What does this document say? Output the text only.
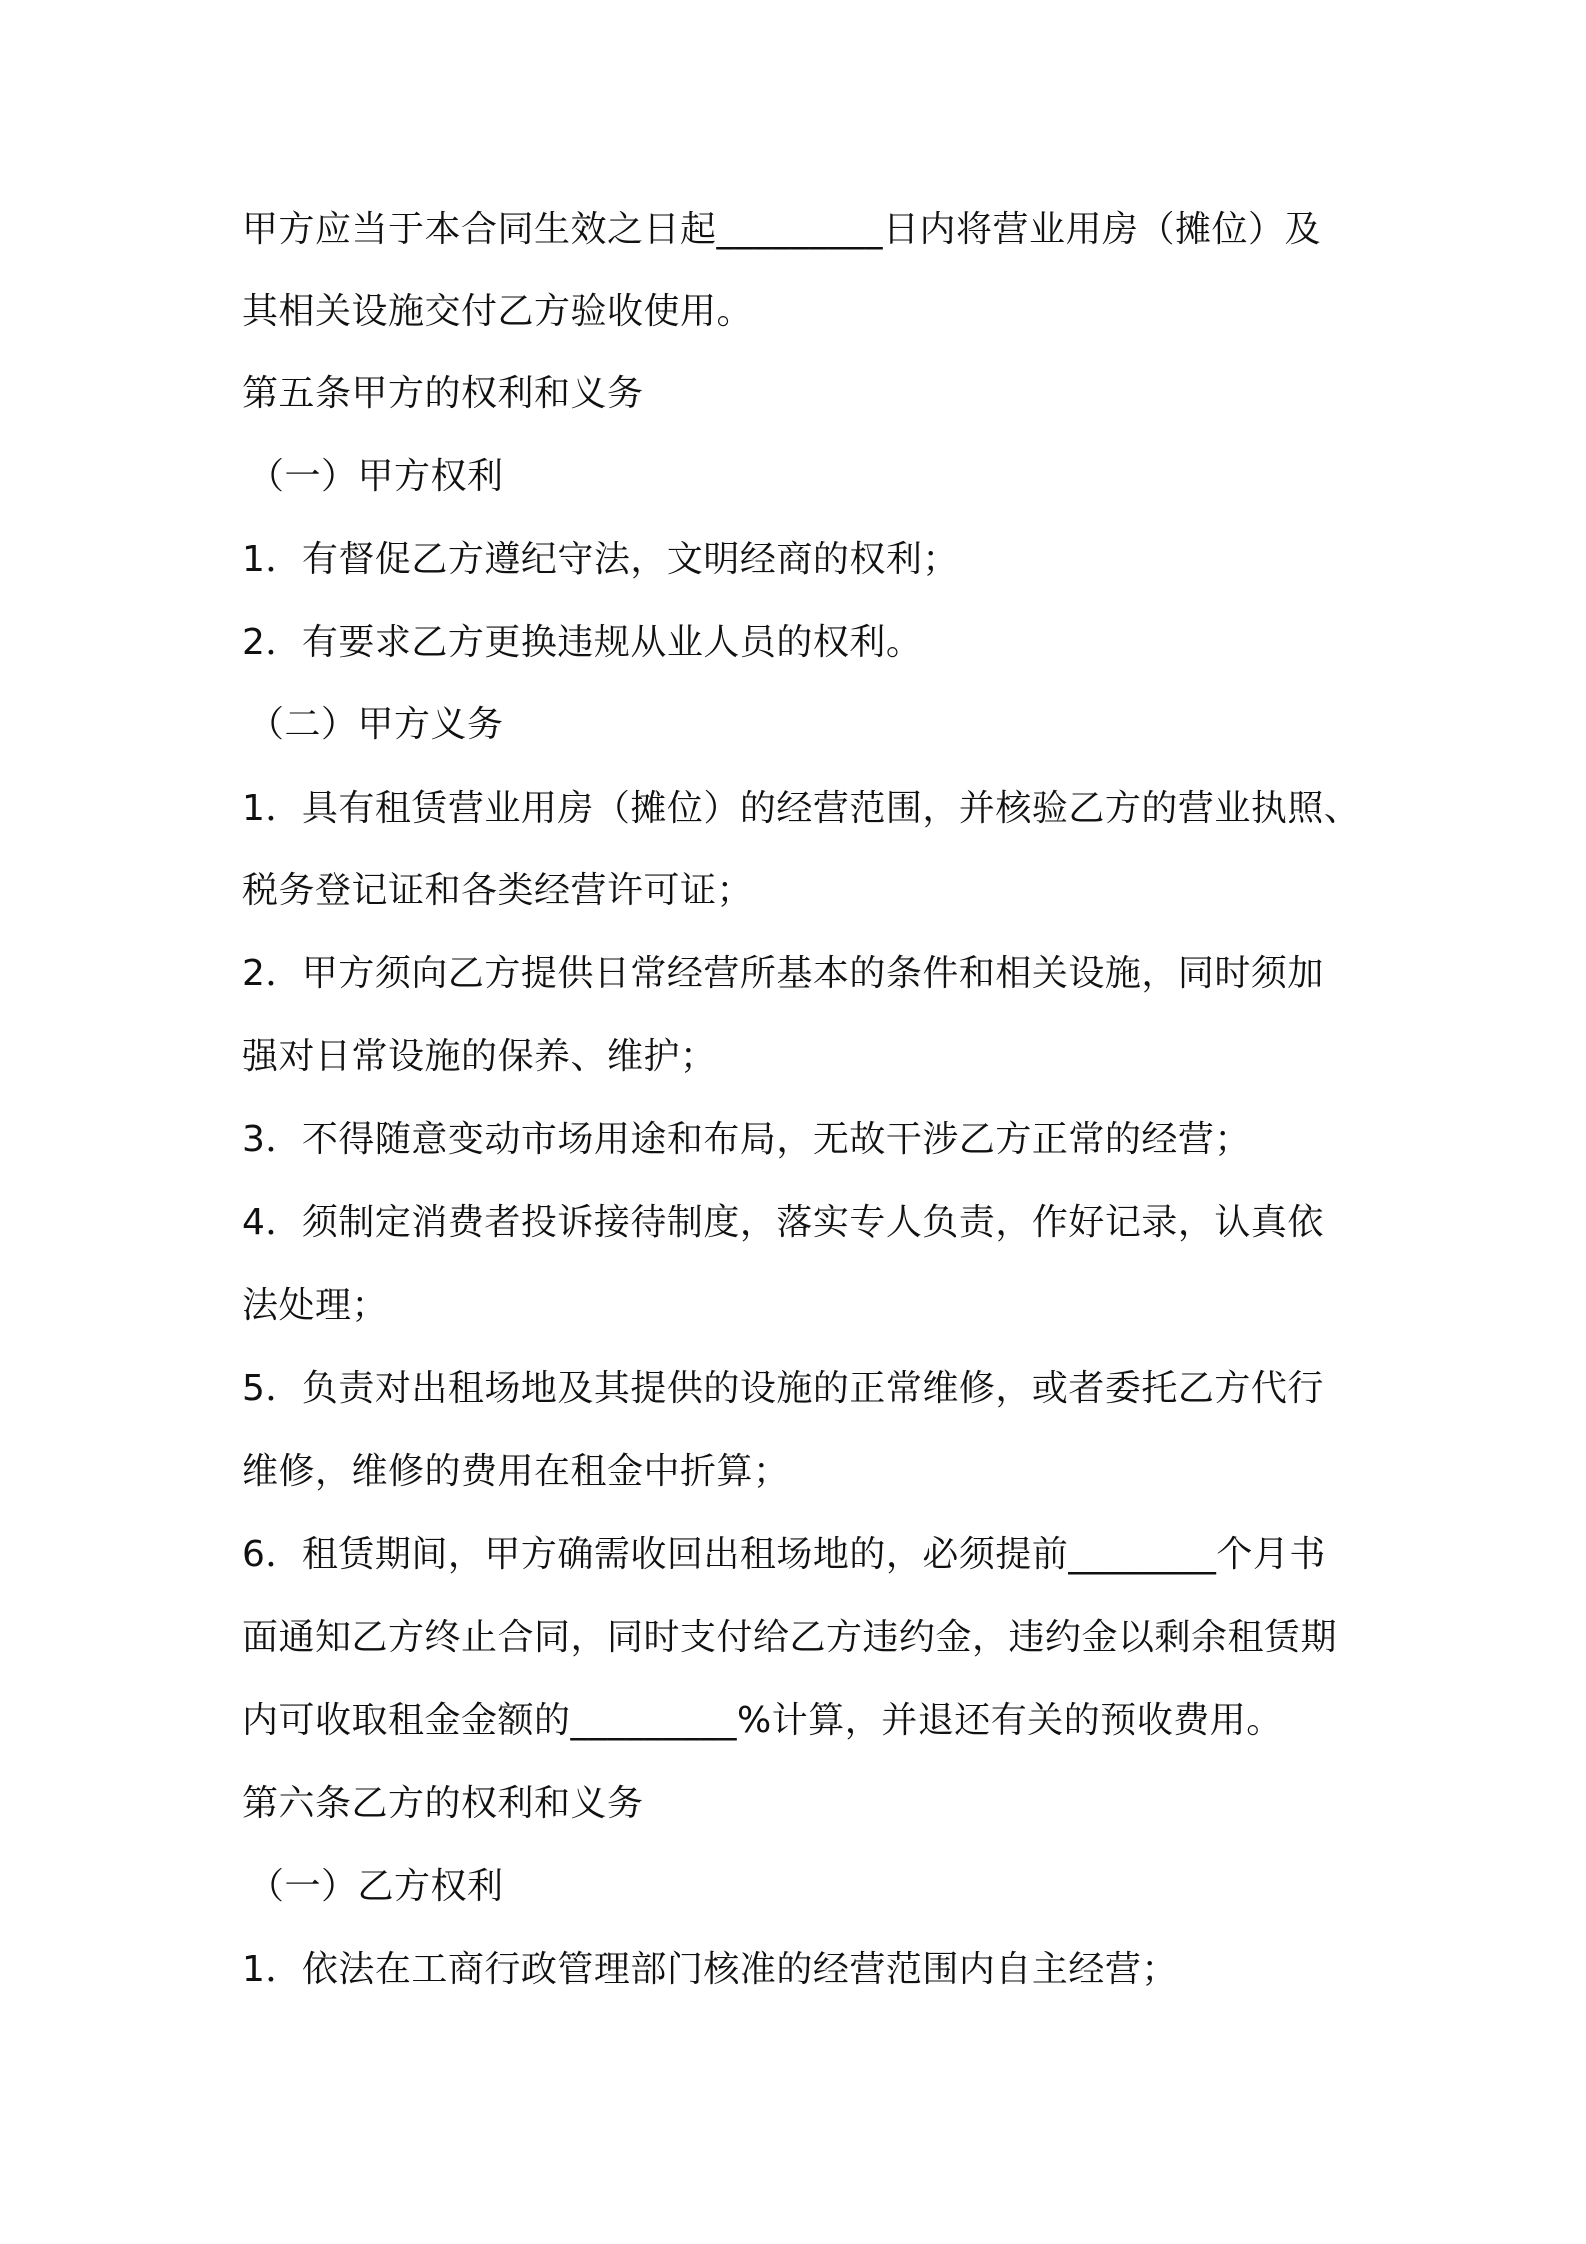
甲方应当于本合同生效之日起_________日内将营业用房（摊位）及
其相关设施交付乙方验收使用。
第五条甲方的权利和义务
（一）甲方权利
1．有督促乙方遵纪守法，文明经商的权利；
2．有要求乙方更换违规从业人员的权利。
（二）甲方义务
1．具有租赁营业用房（摊位）的经营范围，并核验乙方的营业执照、
税务登记证和各类经营许可证；
2．甲方须向乙方提供日常经营所基本的条件和相关设施，同时须加
强对日常设施的保养、维护；
3．不得随意变动市场用途和布局，无故干涉乙方正常的经营；
4．须制定消费者投诉接待制度，落实专人负责，作好记录，认真依
法处理；
5．负责对出租场地及其提供的设施的正常维修，或者委托乙方代行
维修，维修的费用在租金中折算；
6．租赁期间，甲方确需收回出租场地的，必须提前________个月书
面通知乙方终止合同，同时支付给乙方违约金，违约金以剩余租赁期
内可收取租金金额的_________%计算，并退还有关的预收费用。
第六条乙方的权利和义务
（一）乙方权利
1．依法在工商行政管理部门核准的经营范围内自主经营；
